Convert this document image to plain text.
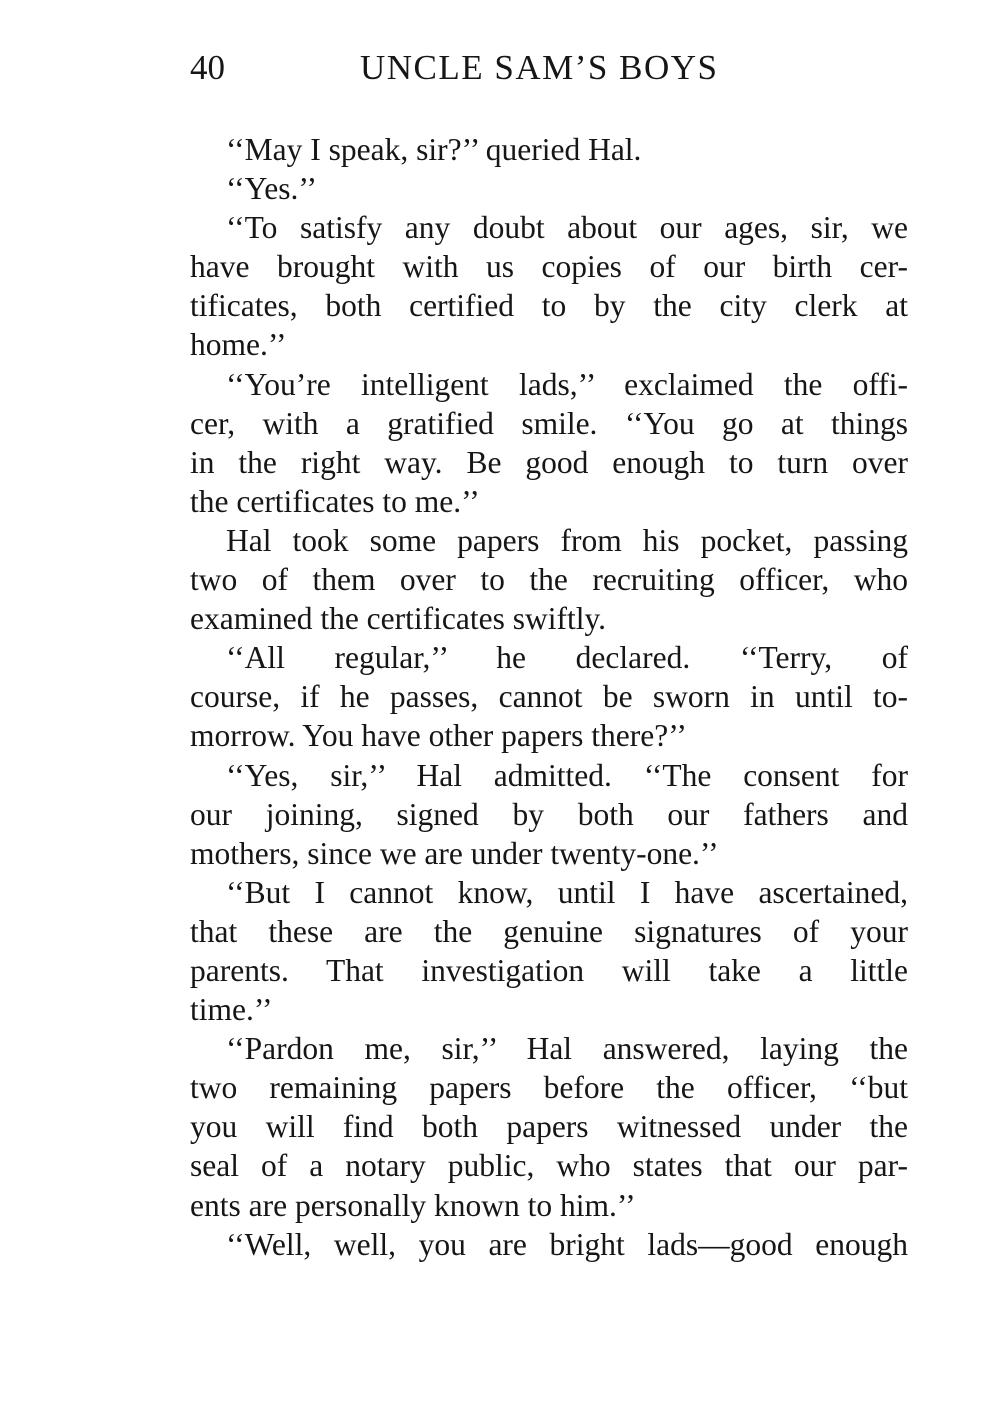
40	UNCLE SAM’S BOYS

‘‘May I speak, sir?’’ queried Hal.

‘‘Yes.’’

‘‘To satisfy any doubt about our ages, sir, we
have brought with us copies of our birth cer-
tificates, both certified to by the city clerk at
home.’’

‘‘You’re intelligent lads,’’ exclaimed the offi-
cer, with a gratified smile. ‘‘You go at things
in the right way. Be good enough to turn over
the certificates to me.’’

Hal took some papers from his pocket, passing
two of them over to the recruiting officer, who
examined the certificates swiftly.

‘‘All regular,’’ he declared. ‘‘Terry, of
course, if he passes, cannot be sworn in until to-
morrow. You have other papers there?’’

‘‘Yes, sir,’’ Hal admitted. ‘‘The consent for
our joining, signed by both our fathers and
mothers, since we are under twenty-one.’’

‘‘But I cannot know, until I have ascertained,
that these are the genuine signatures of your
parents. That investigation will take a little
time.’’

‘‘Pardon me, sir,’’ Hal answered, laying the
two remaining papers before the officer, ‘‘but
you will find both papers witnessed under the
seal of a notary public, who states that our par-
ents are personally known to him.’’

‘‘Well, well, you are bright lads—good enough
